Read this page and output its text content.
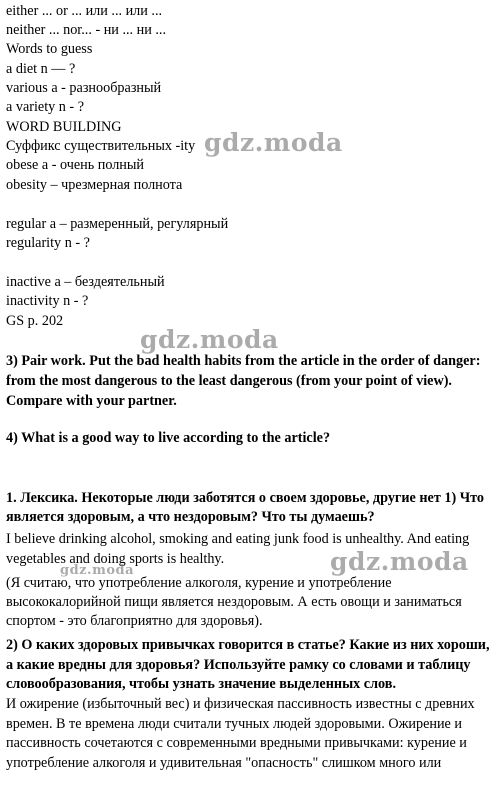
either ... or ... или ... или ...
neither ... nor... - ни ... ни ...
Words to guess
a diet n — ?
various a - разнообразный
a variety n - ?
WORD BUILDING
Суффикс существительных -ity
obese a - очень полный
obesity – чрезмерная полнота
regular a – размеренный, регулярный
regularity n - ?
inactive a – бездеятельный
inactivity n - ?
GS p. 202
3) Pair work. Put the bad health habits from the article in the order of danger: from the most dangerous to the least dangerous (from your point of view). Compare with your partner.
4) What is a good way to live according to the article?
1. Лексика. Некоторые люди заботятся о своем здоровье, другие нет 1) Что является здоровым, а что нездоровым? Что ты думаешь?
I believe drinking alcohol, smoking and eating junk food is unhealthy. And eating vegetables and doing sports is healthy.
(Я считаю, что употребление алкоголя, курение и употребление высококалорийной пищи является нездоровым. А есть овощи и заниматься спортом - это благоприятно для здоровья).
2) О каких здоровых привычках говорится в статье? Какие из них хороши, а какие вредны для здоровья? Используйте рамку со словами и таблицу словообразования, чтобы узнать значение выделенных слов.
И ожирение (избыточный вес) и физическая пассивность известны с древних времен. В те времена люди считали тучных людей здоровыми. Ожирение и пассивность сочетаются с современными вредными привычками: курение и употребление алкоголя и удивительная "опасность" слишком много или
gdz.moda
gdz.moda
gdz.moda	gdz.moda
